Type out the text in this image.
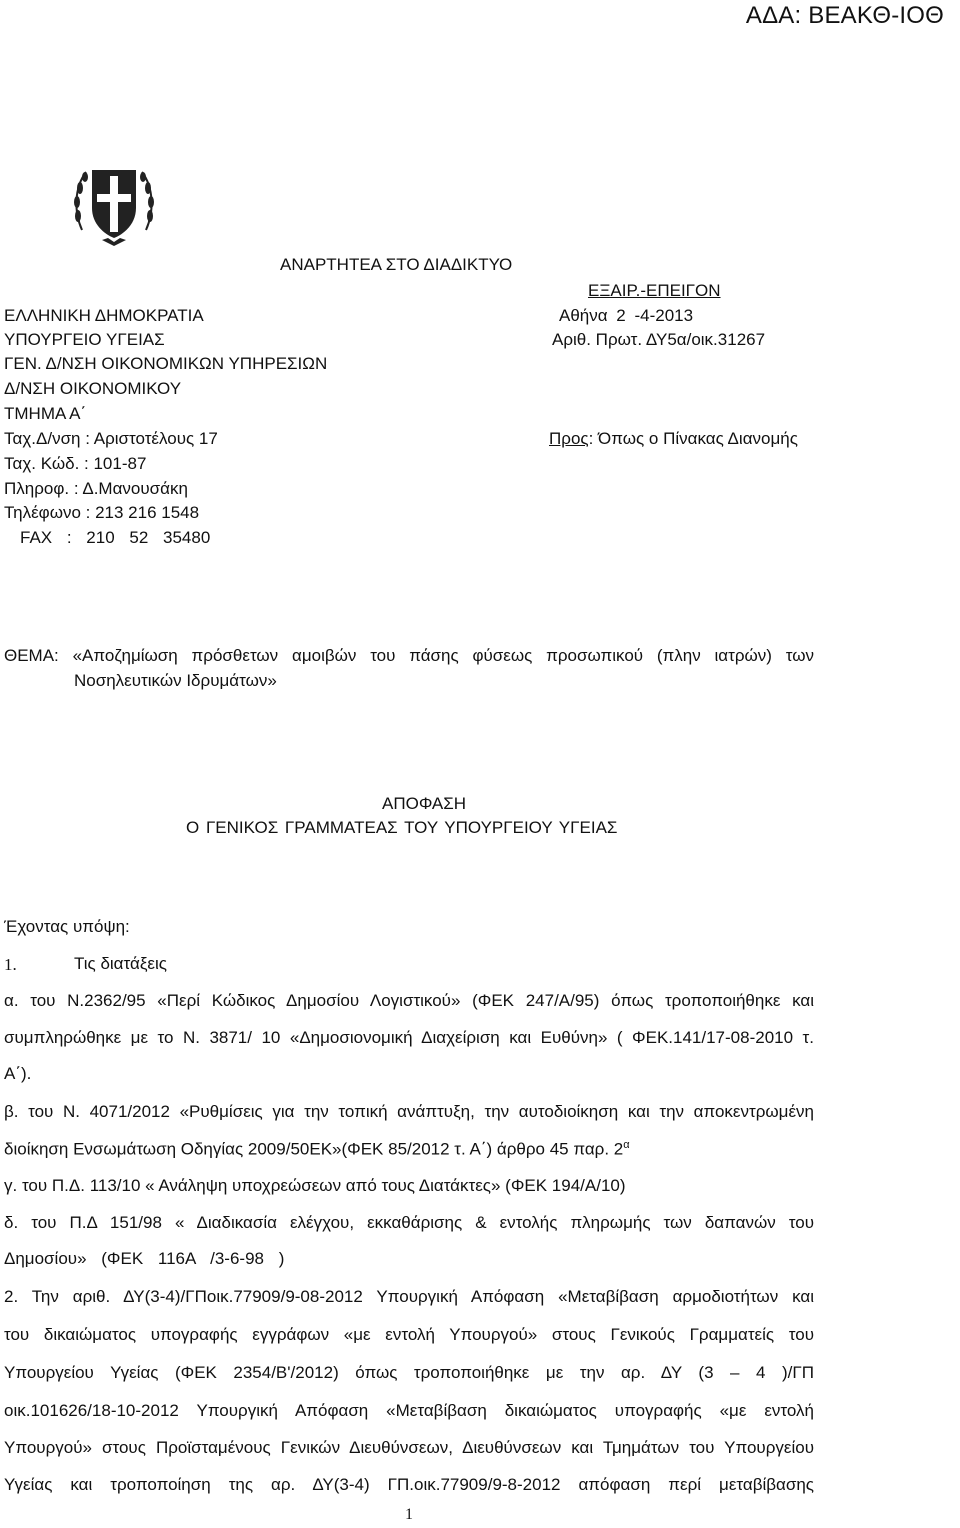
ΑΔΑ: ΒΕΑΚΘ-ΙΟΘ
ΑΝΑΡΤΗΤΕΑ ΣΤΟ ΔΙΑΔΙΚΤΥΟ
ΕΞΑΙΡ.-ΕΠΕΙΓΟΝ
ΕΛΛΗΝΙΚΗ ΔΗΜΟΚΡΑΤΙΑ	Αθήνα 2 -4-2013
ΥΠΟΥΡΓΕΙΟ ΥΓΕΙΑΣ	Αριθ. Πρωτ. ΔΥ5α/οικ.31267
ΓΕΝ. Δ/ΝΣΗ ΟΙΚΟΝΟΜΙΚΩΝ ΥΠΗΡΕΣΙΩΝ
Δ/ΝΣΗ ΟΙΚΟΝΟΜΙΚΟΥ
ΤΜΗΜΑ Α΄
Ταχ.Δ/νση : Αριστοτέλους 17	Προς: Όπως ο Πίνακας Διανομής
Ταχ. Κώδ. : 101-87
Πληροφ. : Δ.Μανουσάκη
Τηλέφωνο : 213 216 1548
FAX : 210 52 35480
ΘΕΜΑ: «Αποζημίωση πρόσθετων αμοιβών του πάσης φύσεως προσωπικού (πλην ιατρών) των
Νοσηλευτικών Ιδρυμάτων»
ΑΠΟΦΑΣΗ
Ο ΓΕΝΙΚΟΣ ΓΡΑΜΜΑΤΕΑΣ ΤΟΥ ΥΠΟΥΡΓΕΙΟΥ ΥΓΕΙΑΣ
Έχοντας υπόψη:
1.	Τις διατάξεις
α. του Ν.2362/95 «Περί Κώδικος Δημοσίου Λογιστικού» (ΦΕΚ 247/Α/95) όπως τροποποιήθηκε και
συμπληρώθηκε με το Ν. 3871/ 10 «Δημοσιονομική Διαχείριση και Ευθύνη» ( ΦΕΚ.141/17-08-2010 τ.
Α΄).
β. του Ν. 4071/2012 «Ρυθμίσεις για την τοπική ανάπτυξη, την αυτοδιοίκηση και την αποκεντρωμένη
διοίκηση Ενσωμάτωση Οδηγίας 2009/50ΕΚ»(ΦΕΚ 85/2012 τ. Α΄) άρθρο 45 παρ. $2^\alpha$
γ. του Π.Δ. 113/10 « Ανάληψη υποχρεώσεων από τους Διατάκτες» (ΦΕΚ 194/Α/10)
δ. του Π.Δ 151/98 « Διαδικασία ελέγχου, εκκαθάρισης & εντολής πληρωμής των δαπανών του
Δημοσίου» (ΦΕΚ 116Α /3-6-98 )
2. Την αριθ. ΔΥ(3-4)/ΓΠοικ.77909/9-08-2012 Υπουργική Απόφαση «Μεταβίβαση αρμοδιοτήτων και
του δικαιώματος υπογραφής εγγράφων «με εντολή Υπουργού» στους Γενικούς Γραμματείς του
Υπουργείου Υγείας (ΦΕΚ 2354/Β'/2012) όπως τροποποιήθηκε με την αρ. ΔΥ (3 – 4 )/ΓΠ
οικ.101626/18-10-2012 Υπουργική Απόφαση «Μεταβίβαση δικαιώματος υπογραφής «με εντολή
Υπουργού» στους Προϊσταμένους Γενικών Διευθύνσεων, Διευθύνσεων και Τμημάτων του Υπουργείου
Υγείας και τροποποίηση της αρ. ΔΥ(3-4) ΓΠ.οικ.77909/9-8-2012 απόφαση περί μεταβίβασης
1
